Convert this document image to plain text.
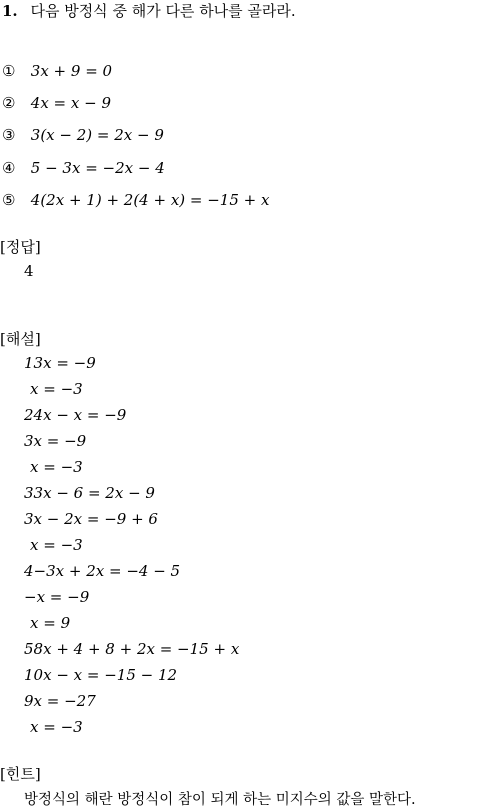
1. 다음 방정식 중 해가 다른 하나를 골라라.
① 3x + 9 = 0
② 4x = x − 9
③ 3(x − 2) = 2x − 9
④ 5 − 3x = −2x − 4
⑤ 4(2x + 1) + 2(4 + x) = −15 + x
[정답]
4
[해설]
13x = −9
x = −3
24x − x = −9
3x = −9
x = −3
33x − 6 = 2x − 9
3x − 2x = −9 + 6
x = −3
4−3x + 2x = −4 − 5
−x = −9
x = 9
58x + 4 + 8 + 2x = −15 + x
10x − x = −15 − 12
9x = −27
x = −3
[힌트]
방정식의 해란 방정식이 참이 되게 하는 미지수의 값을 말한다.
